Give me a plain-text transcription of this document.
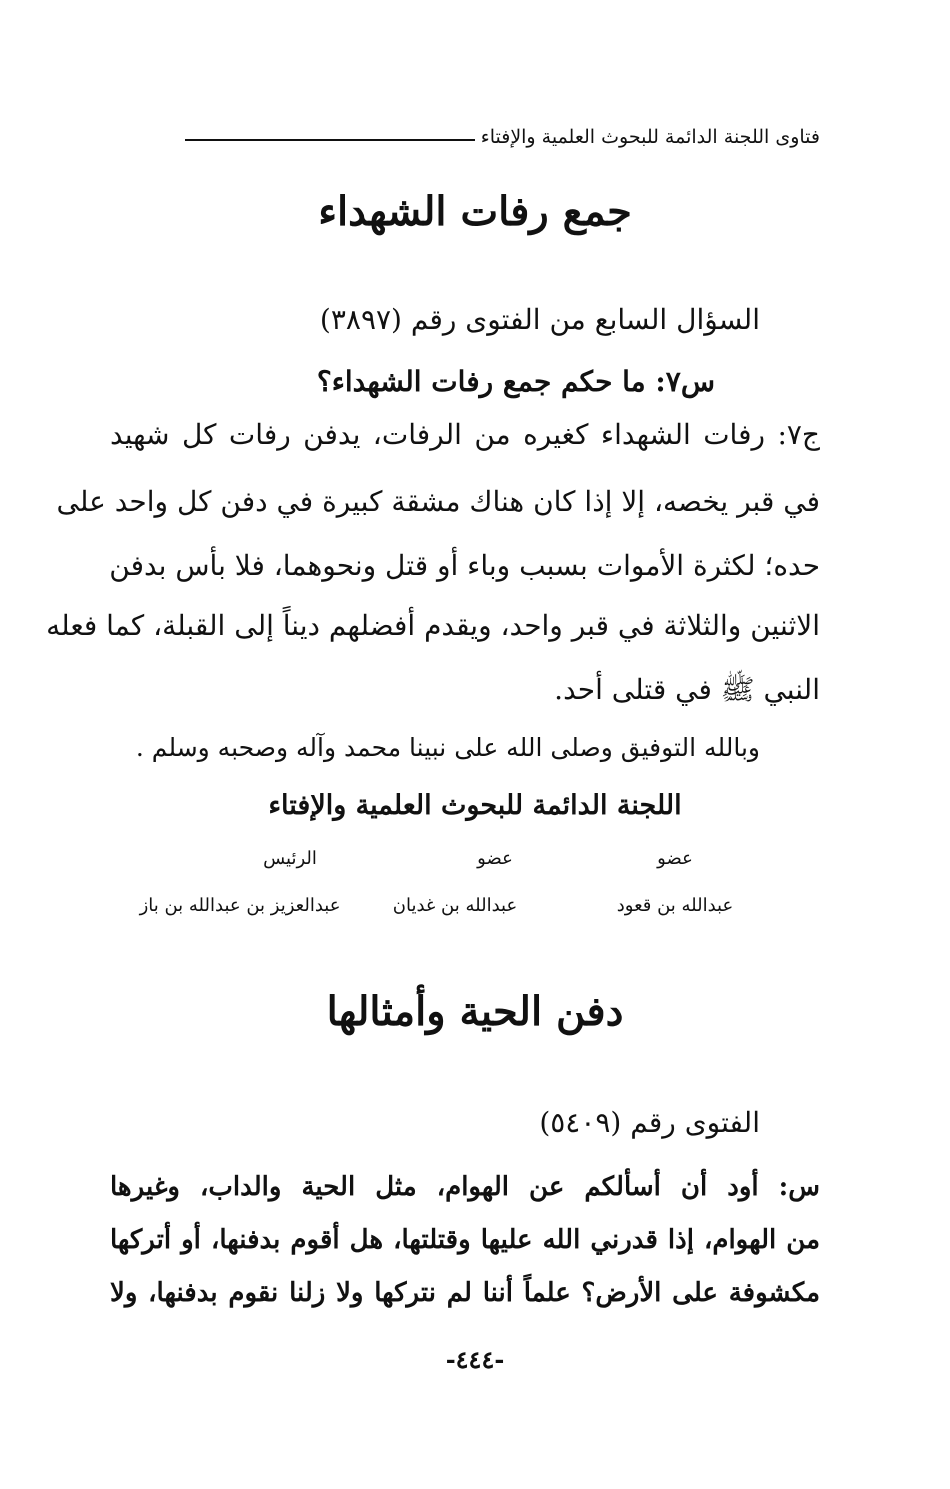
فتاوى اللجنة الدائمة للبحوث العلمية والإفتاء
جمع رفات الشهداء
السؤال السابع من الفتوى رقم (٣٨٩٧)
س٧: ما حكم جمع رفات الشهداء؟
ج٧: رفات الشهداء كغيره من الرفات، يدفن رفات كل شهيد
في قبر يخصه، إلا إذا كان هناك مشقة كبيرة في دفن كل واحد على
حده؛ لكثرة الأموات بسبب وباء أو قتل ونحوهما، فلا بأس بدفن
الاثنين والثلاثة في قبر واحد، ويقدم أفضلهم ديناً إلى القبلة، كما فعله
النبي ﷺ في قتلى أحد.
وبالله التوفيق وصلى الله على نبينا محمد وآله وصحبه وسلم .
اللجنة الدائمة للبحوث العلمية والإفتاء
عضو
عضو
الرئيس
عبدالله بن قعود
عبدالله بن غديان
عبدالعزيز بن عبدالله بن باز
دفن الحية وأمثالها
الفتوى رقم (٥٤٠٩)
س: أود أن أسألكم عن الهوام، مثل الحية والداب، وغيرها
من الهوام، إذا قدرني الله عليها وقتلتها، هل أقوم بدفنها، أو أتركها
مكشوفة على الأرض؟ علماً أننا لم نتركها ولا زلنا نقوم بدفنها، ولا
-٤٤٤-
